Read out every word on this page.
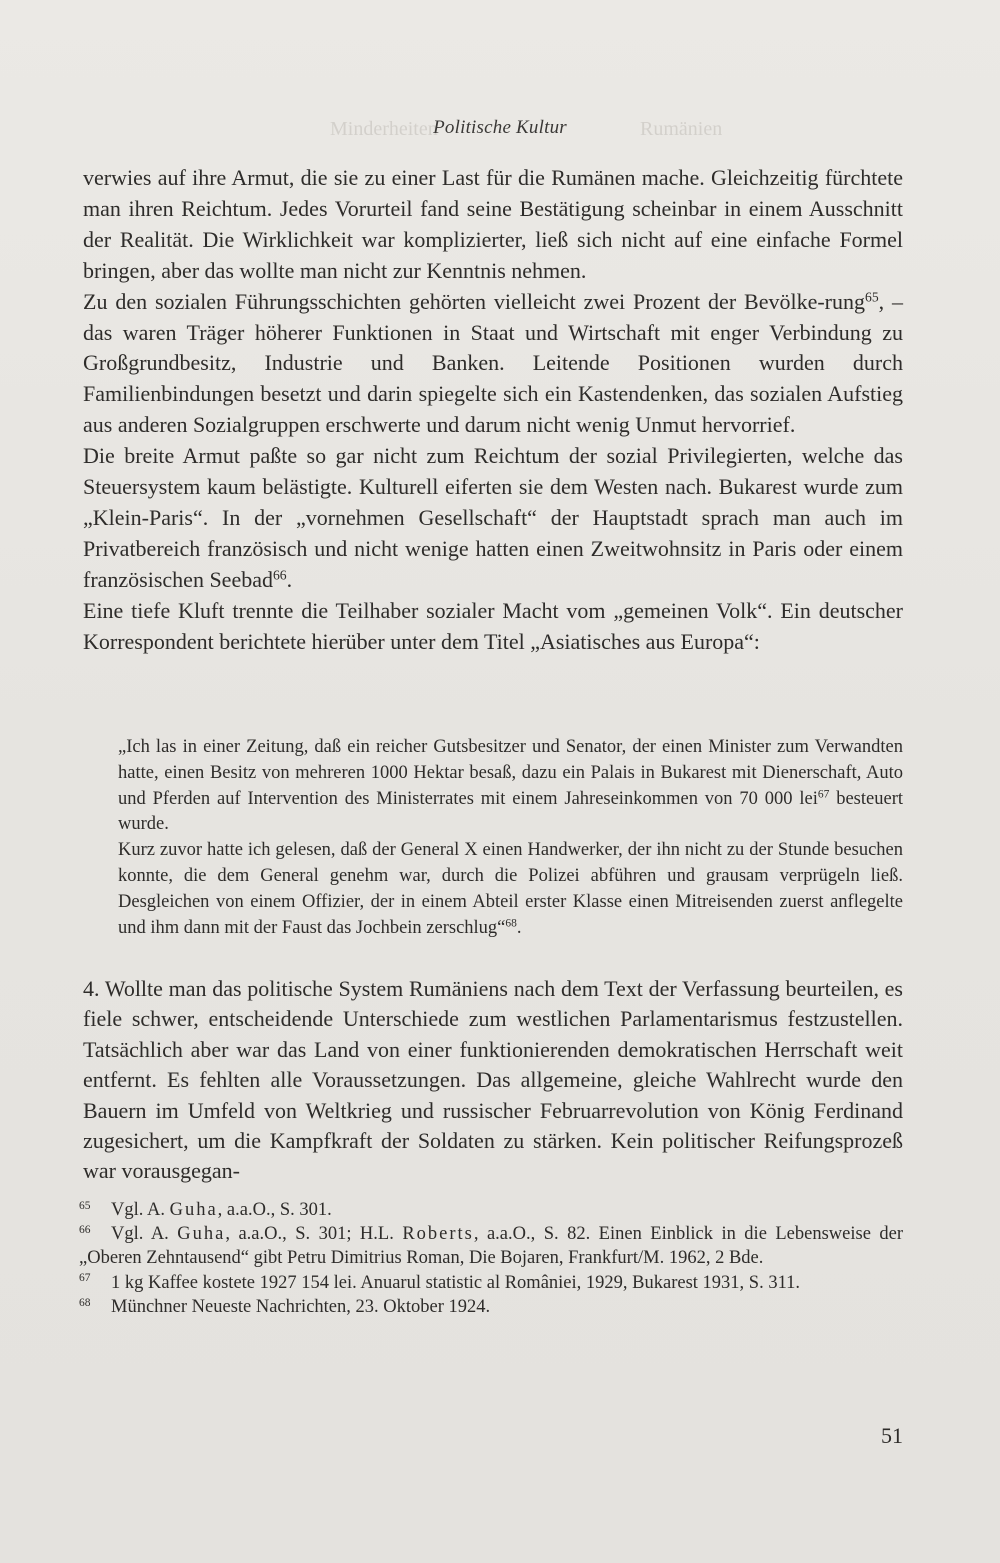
Rumänien
Minderheiten
Politische Kultur

verwies auf ihre Armut, die sie zu einer Last für die Rumänen mache. Gleichzeitig fürchtete man ihren Reichtum. Jedes Vorurteil fand seine Bestätigung scheinbar in einem Ausschnitt der Realität. Die Wirklichkeit war komplizierter, ließ sich nicht auf eine einfache Formel bringen, aber das wollte man nicht zur Kenntnis nehmen.

Zu den sozialen Führungsschichten gehörten vielleicht zwei Prozent der Bevölke-rung$^{65}$, – das waren Träger höherer Funktionen in Staat und Wirtschaft mit enger Verbindung zu Großgrundbesitz, Industrie und Banken. Leitende Positionen wurden durch Familienbindungen besetzt und darin spiegelte sich ein Kastendenken, das sozialen Aufstieg aus anderen Sozialgruppen erschwerte und darum nicht wenig Unmut hervorrief.

Die breite Armut paßte so gar nicht zum Reichtum der sozial Privilegierten, welche das Steuersystem kaum belästigte. Kulturell eiferten sie dem Westen nach. Bukarest wurde zum „Klein-Paris“. In der „vornehmen Gesellschaft“ der Hauptstadt sprach man auch im Privatbereich französisch und nicht wenige hatten einen Zweitwohnsitz in Paris oder einem französischen Seebad$^{66}$.

Eine tiefe Kluft trennte die Teilhaber sozialer Macht vom „gemeinen Volk“. Ein deutscher Korrespondent berichtete hierüber unter dem Titel „Asiatisches aus Europa“:

„Ich las in einer Zeitung, daß ein reicher Gutsbesitzer und Senator, der einen Minister zum Verwandten hatte, einen Besitz von mehreren 1000 Hektar besaß, dazu ein Palais in Bukarest mit Dienerschaft, Auto und Pferden auf Intervention des Ministerrates mit einem Jahreseinkommen von 70 000 lei$^{67}$ besteuert wurde.

Kurz zuvor hatte ich gelesen, daß der General X einen Handwerker, der ihn nicht zu der Stunde besuchen konnte, die dem General genehm war, durch die Polizei abführen und grausam verprügeln ließ. Desgleichen von einem Offizier, der in einem Abteil erster Klasse einen Mitreisenden zuerst anflegelte und ihm dann mit der Faust das Jochbein zerschlug“$^{68}$.

4. Wollte man das politische System Rumäniens nach dem Text der Verfassung beurteilen, es fiele schwer, entscheidende Unterschiede zum westlichen Parlamentarismus festzustellen. Tatsächlich aber war das Land von einer funktionierenden demokratischen Herrschaft weit entfernt. Es fehlten alle Voraussetzungen. Das allgemeine, gleiche Wahlrecht wurde den Bauern im Umfeld von Weltkrieg und russischer Februarrevolution von König Ferdinand zugesichert, um die Kampfkraft der Soldaten zu stärken. Kein politischer Reifungsprozeß war vorausgegan-

65 Vgl. A. Guha, a.a.O., S. 301.

66 Vgl. A. Guha, a.a.O., S. 301; H.L. Roberts, a.a.O., S. 82. Einen Einblick in die Lebensweise der „Oberen Zehntausend“ gibt Petru Dimitrius Roman, Die Bojaren, Frankfurt/M. 1962, 2 Bde.

67 1 kg Kaffee kostete 1927 154 lei. Anuarul statistic al României, 1929, Bukarest 1931, S. 311.

68 Münchner Neueste Nachrichten, 23. Oktober 1924.

51
